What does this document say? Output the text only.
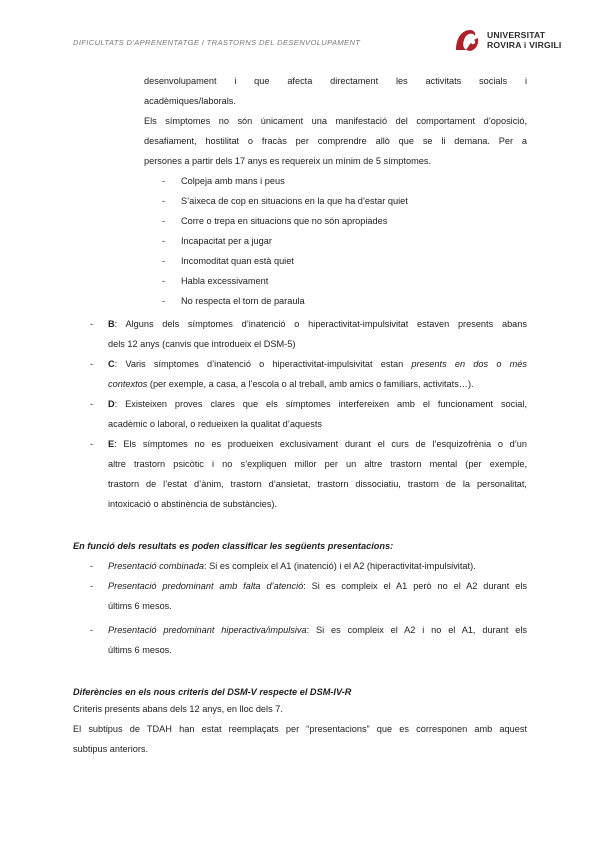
DIFICULTATS D'APRENENTATGE I TRASTORNS DEL DESENVOLUPAMENT
UNIVERSITAT
ROVIRA i VIRGILI
desenvolupament i que afecta directament les activitats socials i
acadèmiques/laborals.
Els símptomes no són únicament una manifestació del comportament d’oposició,
desafiament, hostilitat o fracàs per comprendre allò que se li demana. Per a
persones a partir dels 17 anys es requereix un mínim de 5 símptomes.
- Colpeja amb mans i peus
- S’aixeca de cop en situacions en la que ha d’estar quiet
- Corre o trepa en situacions que no són apropiades
- Incapacitat per a jugar
- Incomoditat quan està quiet
- Habla excessivament
- No respecta el torn de paraula
- B: Alguns dels símptomes d’inatenció o hiperactivitat-impulsivitat estaven presents abans
dels 12 anys (canvis que introdueix el DSM-5)
- C: Varis símptomes d’inatenció o hiperactivitat-impulsivitat estan presents en dos o més
contextos (per exemple, a casa, a l’escola o al treball, amb amics o familiars, activitats…).
- D: Existeixen proves clares que els símptomes interfereixen amb el funcionament social,
acadèmic o laboral, o redueixen la qualitat d’aquests
- E: Els símptomes no es produeixen exclusivament durant el curs de l’esquizofrènia o d’un
altre trastorn psicòtic i no s’expliquen millor per un altre trastorn mental (per exemple,
trastorn de l’estat d’ànim, trastorn d’ansietat, trastorn dissociatiu, trastorn de la personalitat,
intoxicació o abstinència de substàncies).
En funció dels resultats es poden classificar les següents presentacions:
- Presentació combinada: Si es compleix el A1 (inatenció) i el A2 (hiperactivitat-impulsivitat).
- Presentació predominant amb falta d’atenció: Si es compleix el A1 però no el A2 durant els
últims 6 mesos.
- Presentació predominant hiperactiva/impulsiva: Si es compleix el A2 i no el A1, durant els
últims 6 mesos.
Diferències en els nous criteris del DSM-V respecte el DSM-IV-R
Criteris presents abans dels 12 anys, en lloc dels 7.
El subtipus de TDAH han estat reemplaçats per “presentacions” que es corresponen amb aquest
subtipus anteriors.
